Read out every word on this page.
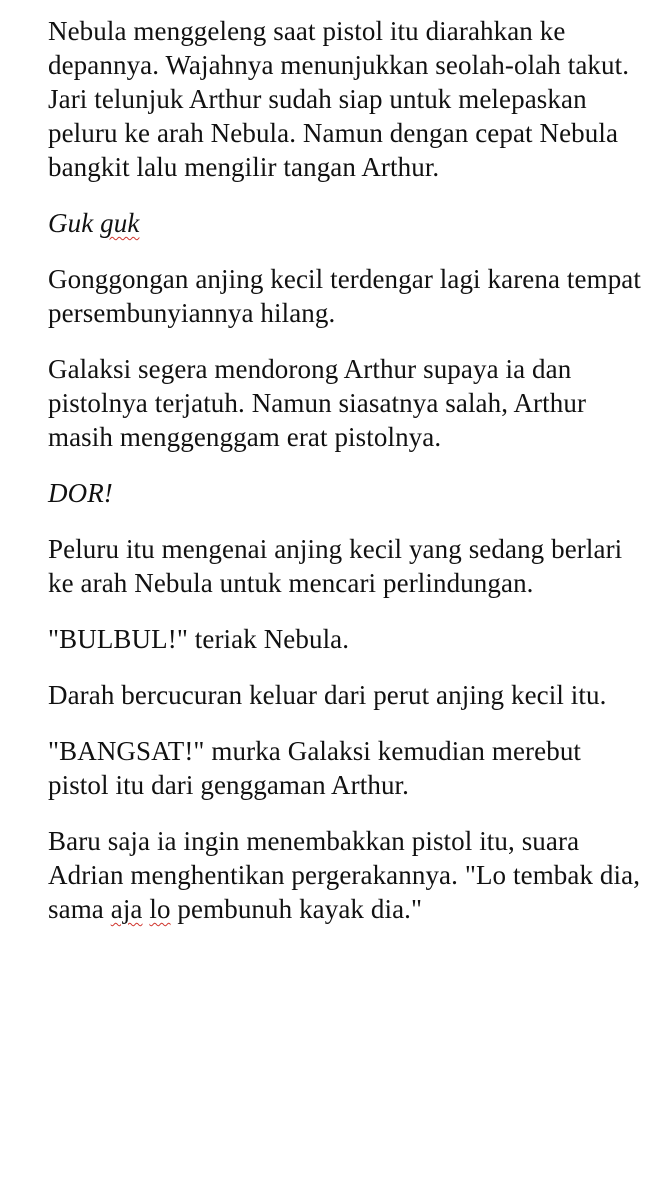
Nebula menggeleng saat pistol itu diarahkan ke depannya. Wajahnya menunjukkan seolah-olah takut. Jari telunjuk Arthur sudah siap untuk melepaskan peluru ke arah Nebula. Namun dengan cepat Nebula bangkit lalu mengilir tangan Arthur.

Guk guk

Gonggongan anjing kecil terdengar lagi karena tempat persembunyiannya hilang.

Galaksi segera mendorong Arthur supaya ia dan pistolnya terjatuh. Namun siasatnya salah, Arthur masih menggenggam erat pistolnya.

DOR!

Peluru itu mengenai anjing kecil yang sedang berlari ke arah Nebula untuk mencari perlindungan.

"BULBUL!" teriak Nebula.

Darah bercucuran keluar dari perut anjing kecil itu.

"BANGSAT!" murka Galaksi kemudian merebut pistol itu dari genggaman Arthur.

Baru saja ia ingin menembakkan pistol itu, suara Adrian menghentikan pergerakannya. "Lo tembak dia, sama aja lo pembunuh kayak dia."
